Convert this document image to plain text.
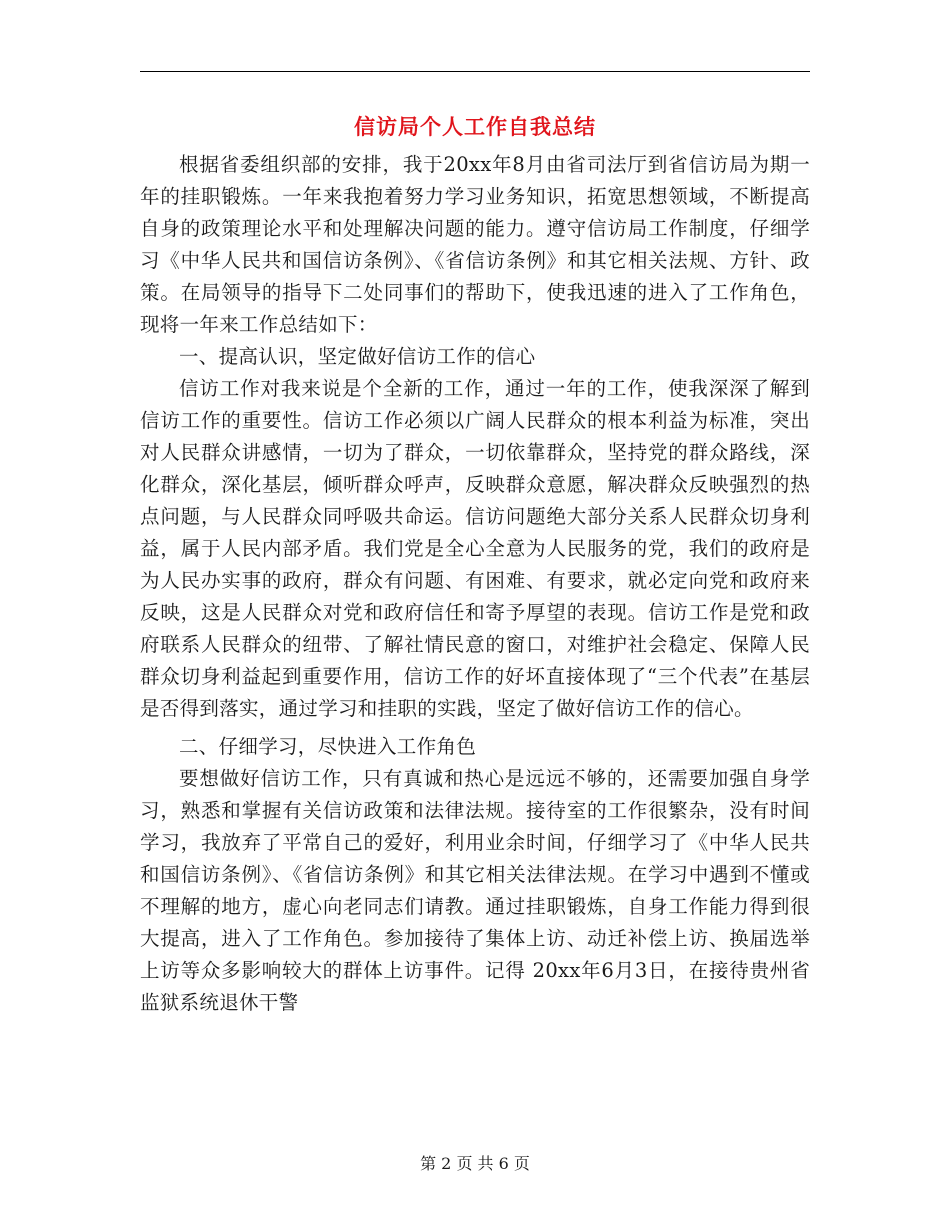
信访局个人工作自我总结

根据省委组织部的安排，我于20xx年8月由省司法厅到省信访局为期一年的挂职锻炼。一年来我抱着努力学习业务知识，拓宽思想领域，不断提高自身的政策理论水平和处理解决问题的能力。遵守信访局工作制度，仔细学习《中华人民共和国信访条例》、《省信访条例》和其它相关法规、方针、政策。在局领导的指导下二处同事们的帮助下，使我迅速的进入了工作角色，现将一年来工作总结如下：

一、提高认识，坚定做好信访工作的信心

信访工作对我来说是个全新的工作，通过一年的工作，使我深深了解到信访工作的重要性。信访工作必须以广阔人民群众的根本利益为标准，突出对人民群众讲感情，一切为了群众，一切依靠群众，坚持党的群众路线，深化群众，深化基层，倾听群众呼声，反映群众意愿，解决群众反映强烈的热点问题，与人民群众同呼吸共命运。信访问题绝大部分关系人民群众切身利益，属于人民内部矛盾。我们党是全心全意为人民服务的党，我们的政府是为人民办实事的政府，群众有问题、有困难、有要求，就必定向党和政府来反映，这是人民群众对党和政府信任和寄予厚望的表现。信访工作是党和政府联系人民群众的纽带、了解社情民意的窗口，对维护社会稳定、保障人民群众切身利益起到重要作用，信访工作的好坏直接体现了“三个代表”在基层是否得到落实，通过学习和挂职的实践，坚定了做好信访工作的信心。

二、仔细学习，尽快进入工作角色

要想做好信访工作，只有真诚和热心是远远不够的，还需要加强自身学习，熟悉和掌握有关信访政策和法律法规。接待室的工作很繁杂，没有时间学习，我放弃了平常自己的爱好，利用业余时间，仔细学习了《中华人民共和国信访条例》、《省信访条例》和其它相关法律法规。在学习中遇到不懂或不理解的地方，虚心向老同志们请教。通过挂职锻炼，自身工作能力得到很大提高，进入了工作角色。参加接待了集体上访、动迁补偿上访、换届选举上访等众多影响较大的群体上访事件。记得 20xx年6月3日，在接待贵州省监狱系统退休干警

第 2 页 共 6 页
